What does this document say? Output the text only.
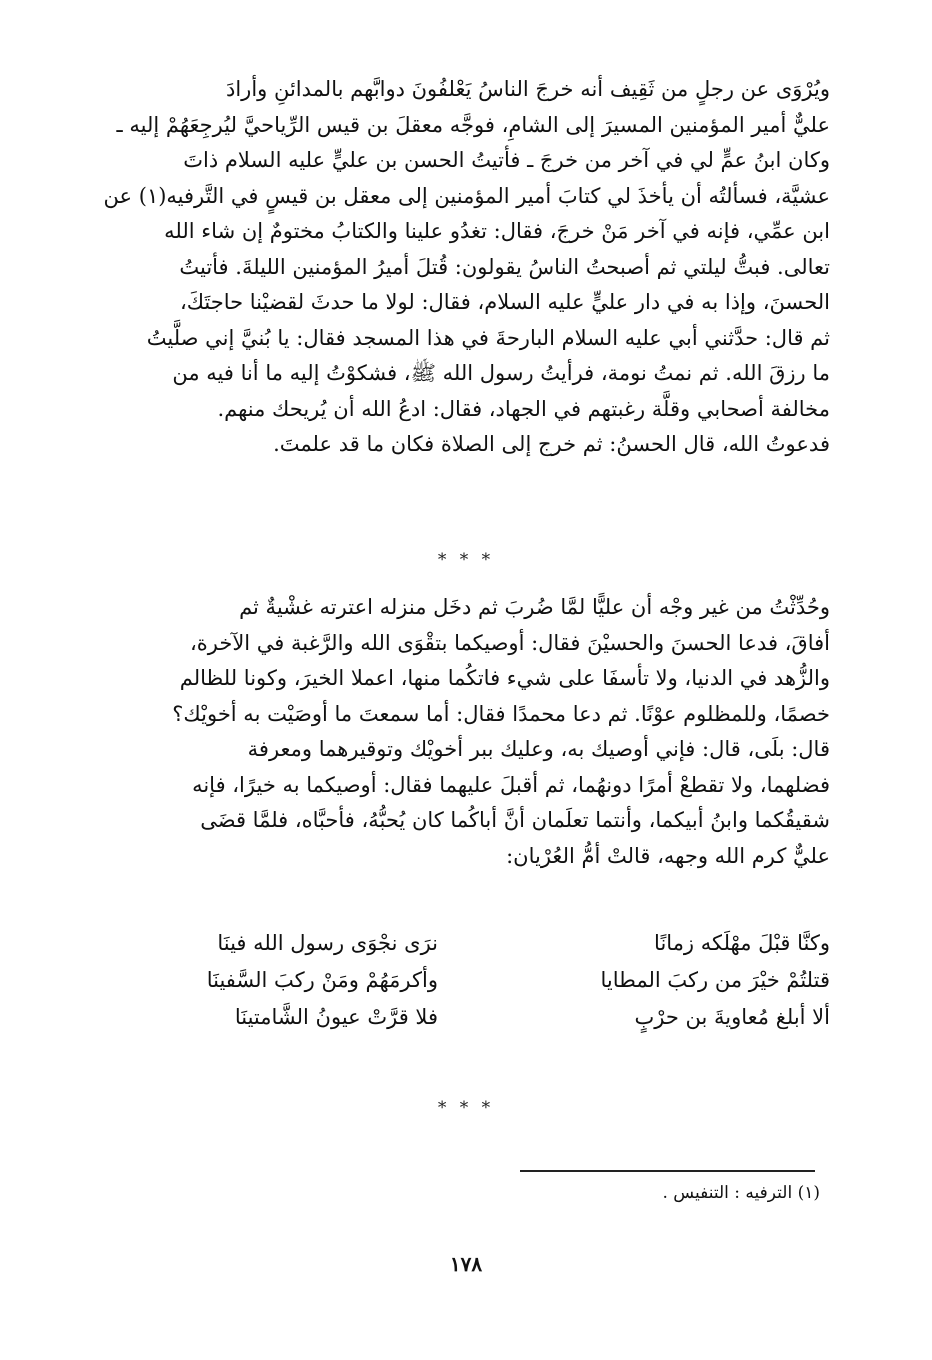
ويُرْوَى عن رجلٍ من ثَقِيف أنه خرجَ الناسُ يَعْلفُونَ دوابَّهم بالمدائنِ وأرادَ
عليٌّ أمير المؤمنين المسيرَ إلى الشامِ، فوجَّه معقلَ بن قيس الرِّياحيَّ ليُرجِعَهُمْ إليه ـ
وكان ابنُ عمٍّ لي في آخر من خرجَ ـ فأتيتُ الحسن بن عليٍّ عليه السلام ذاتَ
عشيَّة، فسألتُه أن يأخذَ لي كتابَ أمير المؤمنين إلى معقل بن قيسٍ في التَّرفيه(١) عن
ابن عمِّي، فإنه في آخر مَنْ خرجَ، فقال: تغدُو علينا والكتابُ مختومٌ إن شاء الله
تعالى. فبتُّ ليلتي ثم أصبحتُ الناسُ يقولون: قُتلَ أميرُ المؤمنين الليلةَ. فأتيتُ
الحسنَ، وإذا به في دار عليٍّ عليه السلام، فقال: لولا ما حدثَ لقضيْنا حاجتَكَ،
ثم قال: حدَّثني أبي عليه السلام البارحةَ في هذا المسجد فقال: يا بُنيَّ إني صلَّيتُ
ما رزقَ الله. ثم نمتُ نومة، فرأيتُ رسول الله ﷺ، فشكوْتُ إليه ما أنا فيه من
مخالفة أصحابي وقلَّة رغبتهم في الجهاد، فقال: ادعُ الله أن يُريحك منهم.
فدعوتُ الله، قال الحسنُ: ثم خرج إلى الصلاة فكان ما قد علمتَ.
* * *
وحُدِّثْتُ من غير وجْه أن عليًّا لمَّا ضُربَ ثم دخَل منزله اعترته غشْيةٌ ثم
أفاقَ، فدعا الحسنَ والحسيْنَ فقال: أوصيكما بتقْوَى الله والرَّغبة في الآخرة،
والزُّهد في الدنيا، ولا تأسفَا على شيء فاتكُما منها، اعملا الخيرَ، وكونا للظالم
خصمًا، وللمظلوم عوْنًا. ثم دعا محمدًا فقال: أما سمعتَ ما أوصَيْت به أخويْك؟
قال: بلَى، قال: فإني أوصيك به، وعليك ببر أخويْك وتوقيرهما ومعرفة
فضلهما، ولا تقطعْ أمرًا دونهُما، ثم أقبلَ عليهما فقال: أوصيكما به خيرًا، فإنه
شقيقُكما وابنُ أبيكما، وأنتما تعلَمان أنَّ أباكُما كان يُحبُّهُ، فأحبَّاه، فلمَّا قضَى
عليٌّ كرم الله وجهه، قالتْ أمُّ العُرْيان:
وكنَّا قبْلَ مهْلَكه زمانًا
نرَى نجْوَى رسول الله فينَا
قتلتُمْ خيْرَ من ركبَ المطايا
وأكرمَهُمْ ومَنْ ركبَ السَّفينَا
ألا أبلغ مُعاويةَ بن حرْبٍ
فلا قرَّتْ عيونُ الشَّامتينَا
* * *
(١) الترفيه : التنفيس .
١٧٨
